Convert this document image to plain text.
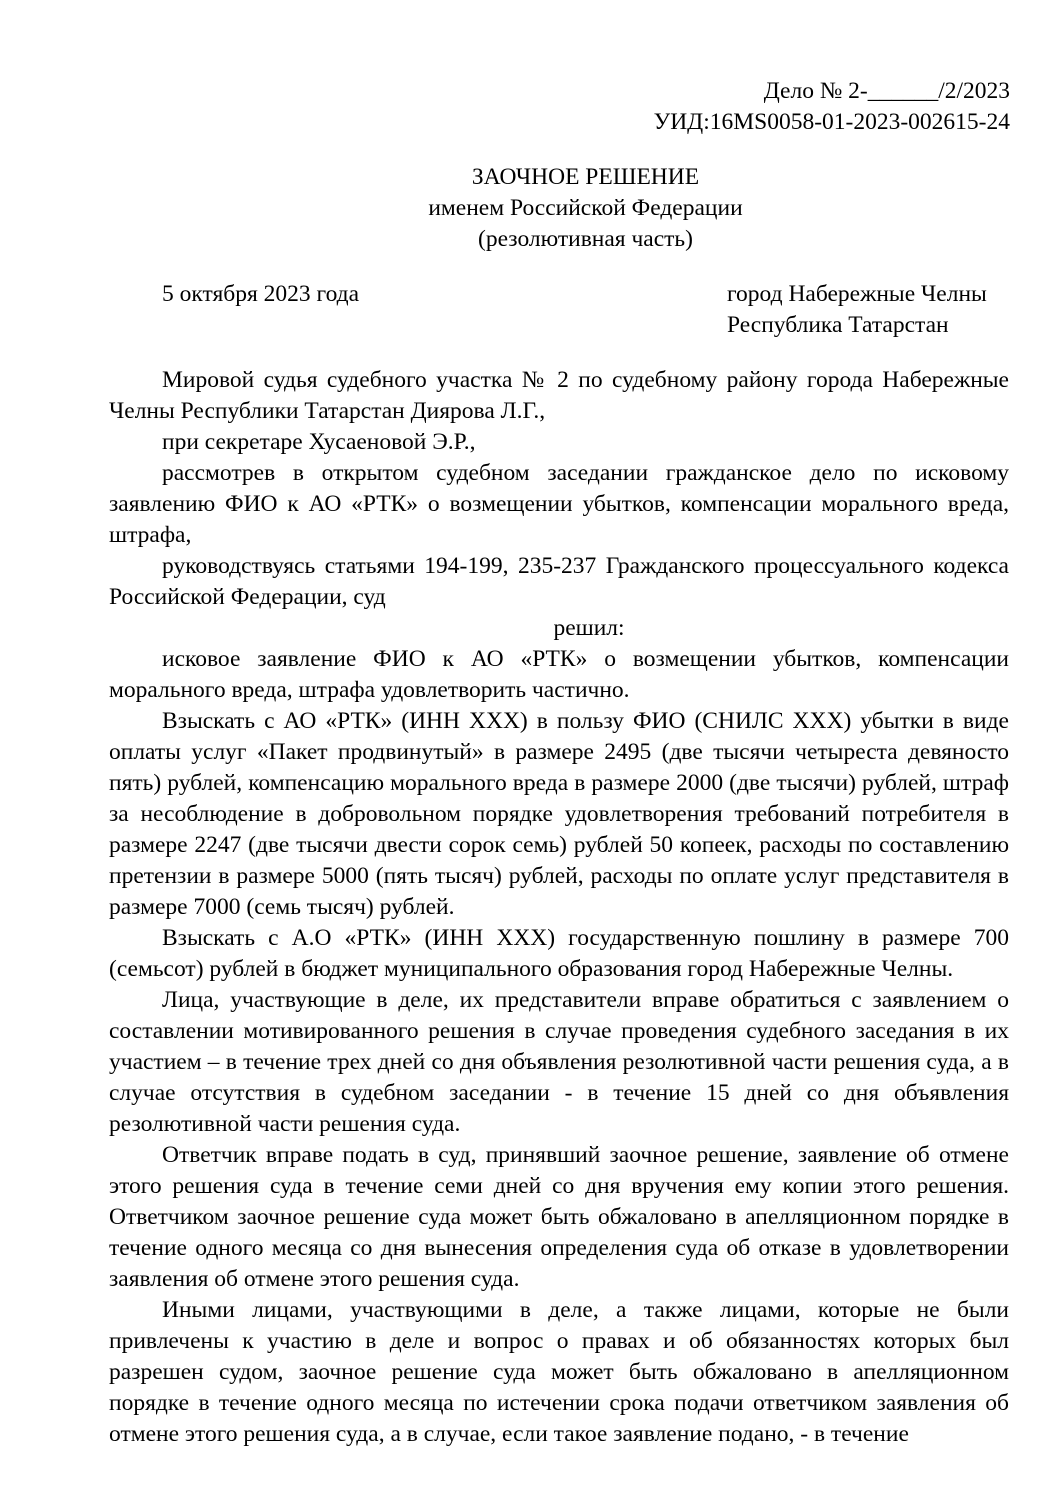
Дело № 2-______/2/2023
УИД:16MS0058-01-2023-002615-24
ЗАОЧНОЕ РЕШЕНИЕ
именем Российской Федерации
(резолютивная часть)
5 октября 2023 года	город Набережные Челны
Республика Татарстан

Мировой судья судебного участка № 2 по судебному району города Набережные Челны Республики Татарстан Диярова Л.Г.,

при секретаре Хусаеновой Э.Р.,

рассмотрев в открытом судебном заседании гражданское дело по исковому заявлению ФИО к АО «РТК» о возмещении убытков, компенсации морального вреда, штрафа,

руководствуясь статьями 194-199, 235-237 Гражданского процессуального кодекса Российской Федерации, суд

решил:

исковое заявление ФИО к АО «РТК» о возмещении убытков, компенсации морального вреда, штрафа удовлетворить частично.

Взыскать с АО «РТК» (ИНН XXX) в пользу ФИО (СНИЛС XXX) убытки в виде оплаты услуг «Пакет продвинутый» в размере 2495 (две тысячи четыреста девяносто пять) рублей, компенсацию морального вреда в размере 2000 (две тысячи) рублей, штраф за несоблюдение в добровольном порядке удовлетворения требований потребителя в размере 2247 (две тысячи двести сорок семь) рублей 50 копеек, расходы по составлению претензии в размере 5000 (пять тысяч) рублей, расходы по оплате услуг представителя в размере 7000 (семь тысяч) рублей.

Взыскать с А.О «РТК» (ИНН XXX) государственную пошлину в размере 700 (семьсот) рублей в бюджет муниципального образования город Набережные Челны.

Лица, участвующие в деле, их представители вправе обратиться с заявлением о составлении мотивированного решения в случае проведения судебного заседания в их участием – в течение трех дней со дня объявления резолютивной части решения суда, а в случае отсутствия в судебном заседании - в течение 15 дней со дня объявления резолютивной части решения суда.

Ответчик вправе подать в суд, принявший заочное решение, заявление об отмене этого решения суда в течение семи дней со дня вручения ему копии этого решения. Ответчиком заочное решение суда может быть обжаловано в апелляционном порядке в течение одного месяца со дня вынесения определения суда об отказе в удовлетворении заявления об отмене этого решения суда.

Иными лицами, участвующими в деле, а также лицами, которые не были привлечены к участию в деле и вопрос о правах и об обязанностях которых был разрешен судом, заочное решение суда может быть обжаловано в апелляционном порядке в течение одного месяца по истечении срока подачи ответчиком заявления об отмене этого решения суда, а в случае, если такое заявление подано, - в течение
